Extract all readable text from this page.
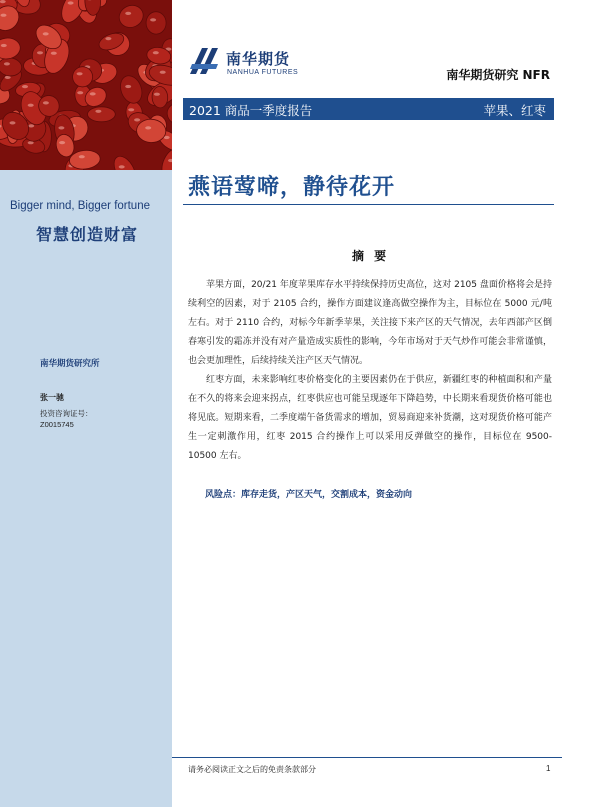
Bigger mind, Bigger fortune
智慧创造财富
南华期货研究所
张一驰
投资咨询证号：
Z0015745
南华期货
NANHUA FUTURES	南华期货研究 NFR
2021 商品一季度报告	苹果、红枣
燕语莺啼，静待花开
摘 要

苹果方面，20/21 年度苹果库存水平持续保持历史高位，这对 2105 盘面价格将会是持续利空的因素，对于 2105 合约，操作方面建议逢高做空操作为主，目标位在 5000 元/吨左右。对于 2110 合约，对标今年新季苹果，关注接下来产区的天气情况，去年西部产区倒春寒引发的霜冻并没有对产量造成实质性的影响，今年市场对于天气炒作可能会非常谨慎，也会更加理性，后续持续关注产区天气情况。

红枣方面，未来影响红枣价格变化的主要因素仍在于供应，新疆红枣的种植面积和产量在不久的将来会迎来拐点，红枣供应也可能呈现逐年下降趋势，中长期来看现货价格可能也将见底。短期来看，二季度端午备货需求的增加，贸易商迎来补货潮，这对现货价格可能产生一定刺激作用，红枣 2015 合约操作上可以采用反弹做空的操作，目标位在 9500-10500 左右。

风险点：库存走货，产区天气，交割成本，资金动向
请务必阅读正文之后的免责条款部分	1
